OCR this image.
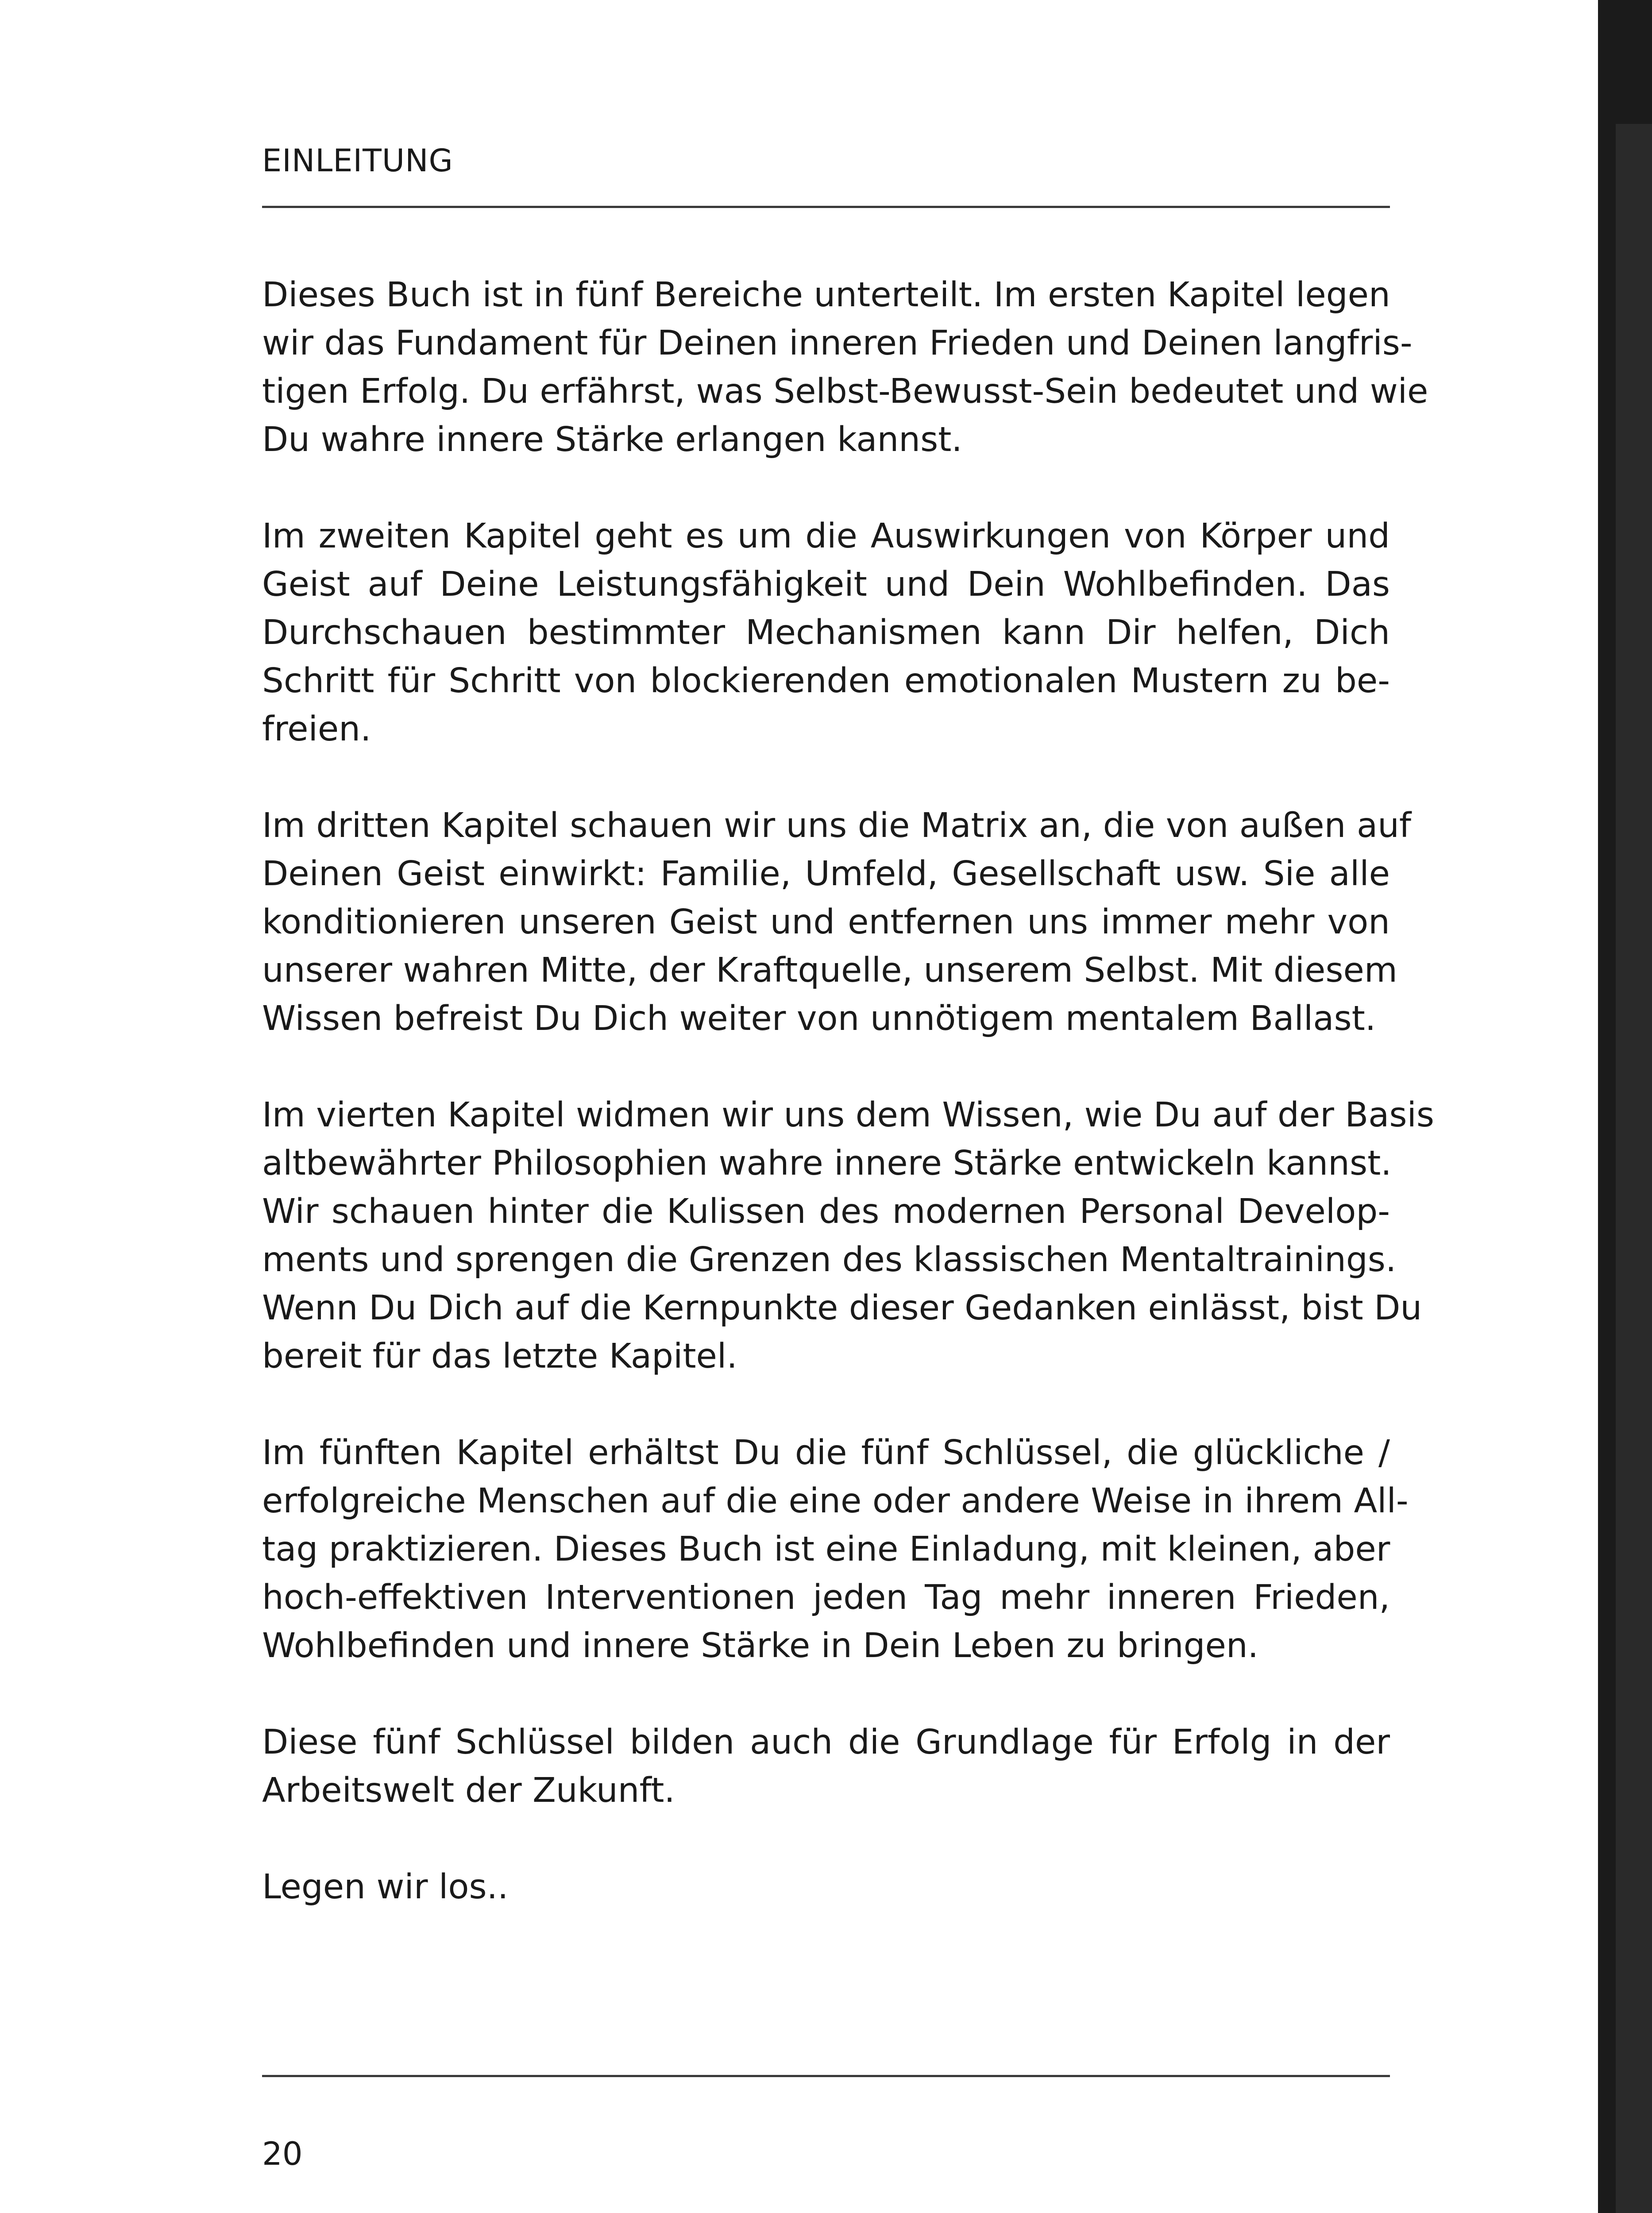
EINLEITUNG

Dieses Buch ist in fünf Bereiche unterteilt. Im ersten Kapitel legen
wir das Fundament für Deinen inneren Frieden und Deinen langfris-
tigen Erfolg. Du erfährst, was Selbst-Bewusst-Sein bedeutet und wie
Du wahre innere Stärke erlangen kannst.

Im zweiten Kapitel geht es um die Auswirkungen von Körper und
Geist auf Deine Leistungsfähigkeit und Dein Wohlbefinden. Das
Durchschauen bestimmter Mechanismen kann Dir helfen, Dich
Schritt für Schritt von blockierenden emotionalen Mustern zu be-
freien.

Im dritten Kapitel schauen wir uns die Matrix an, die von außen auf
Deinen Geist einwirkt: Familie, Umfeld, Gesellschaft usw. Sie alle
konditionieren unseren Geist und entfernen uns immer mehr von
unserer wahren Mitte, der Kraftquelle, unserem Selbst. Mit diesem
Wissen befreist Du Dich weiter von unnötigem mentalem Ballast.

Im vierten Kapitel widmen wir uns dem Wissen, wie Du auf der Basis
altbewährter Philosophien wahre innere Stärke entwickeln kannst.
Wir schauen hinter die Kulissen des modernen Personal Develop-
ments und sprengen die Grenzen des klassischen Mentaltrainings.
Wenn Du Dich auf die Kernpunkte dieser Gedanken einlässt, bist Du
bereit für das letzte Kapitel.

Im fünften Kapitel erhältst Du die fünf Schlüssel, die glückliche /
erfolgreiche Menschen auf die eine oder andere Weise in ihrem All-
tag praktizieren. Dieses Buch ist eine Einladung, mit kleinen, aber
hoch-effektiven Interventionen jeden Tag mehr inneren Frieden,
Wohlbefinden und innere Stärke in Dein Leben zu bringen.

Diese fünf Schlüssel bilden auch die Grundlage für Erfolg in der
Arbeitswelt der Zukunft.

Legen wir los..

20
